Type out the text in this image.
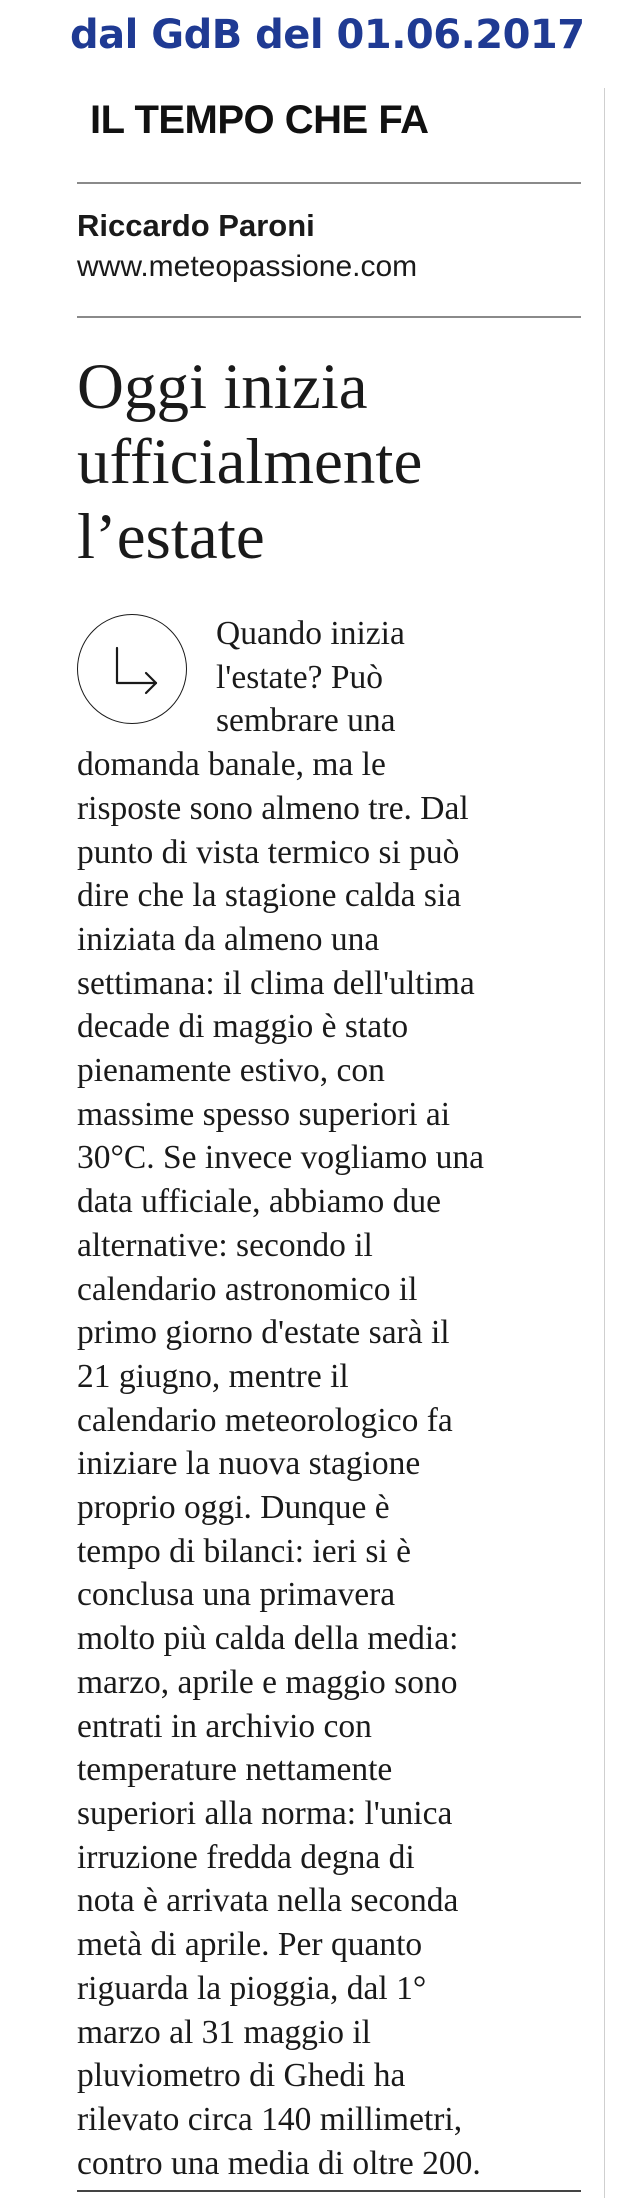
dal GdB del 01.06.2017
IL TEMPO CHE FA
Riccardo Paroni
www.meteopassione.com
Oggi inizia
ufficialmente
l’estate
Quando inizia
l'estate? Può
sembrare una
domanda banale, ma le
risposte sono almeno tre. Dal
punto di vista termico si può
dire che la stagione calda sia
iniziata da almeno una
settimana: il clima dell'ultima
decade di maggio è stato
pienamente estivo, con
massime spesso superiori ai
30°C. Se invece vogliamo una
data ufficiale, abbiamo due
alternative: secondo il
calendario astronomico il
primo giorno d'estate sarà il
21 giugno, mentre il
calendario meteorologico fa
iniziare la nuova stagione
proprio oggi. Dunque è
tempo di bilanci: ieri si è
conclusa una primavera
molto più calda della media:
marzo, aprile e maggio sono
entrati in archivio con
temperature nettamente
superiori alla norma: l'unica
irruzione fredda degna di
nota è arrivata nella seconda
metà di aprile. Per quanto
riguarda la pioggia, dal 1°
marzo al 31 maggio il
pluviometro di Ghedi ha
rilevato circa 140 millimetri,
contro una media di oltre 200.
